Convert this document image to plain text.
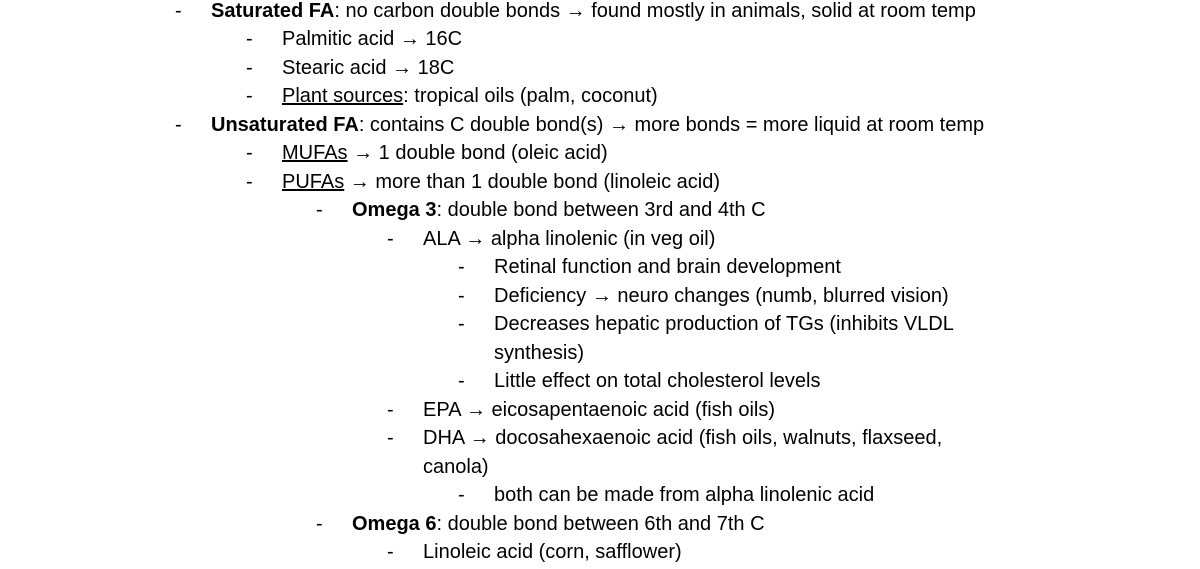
- Saturated FA: no carbon double bonds → found mostly in animals, solid at room temp
- Palmitic acid → 16C
- Stearic acid → 18C
- Plant sources: tropical oils (palm, coconut)
- Unsaturated FA: contains C double bond(s) → more bonds = more liquid at room temp
- MUFAs → 1 double bond (oleic acid)
- PUFAs → more than 1 double bond (linoleic acid)
- Omega 3: double bond between 3rd and 4th C
- ALA → alpha linolenic (in veg oil)
- Retinal function and brain development
- Deficiency → neuro changes (numb, blurred vision)
- Decreases hepatic production of TGs (inhibits VLDL
synthesis)
- Little effect on total cholesterol levels
- EPA → eicosapentaenoic acid (fish oils)
- DHA → docosahexaenoic acid (fish oils, walnuts, flaxseed,
canola)
- both can be made from alpha linolenic acid
- Omega 6: double bond between 6th and 7th C
- Linoleic acid (corn, safflower)
